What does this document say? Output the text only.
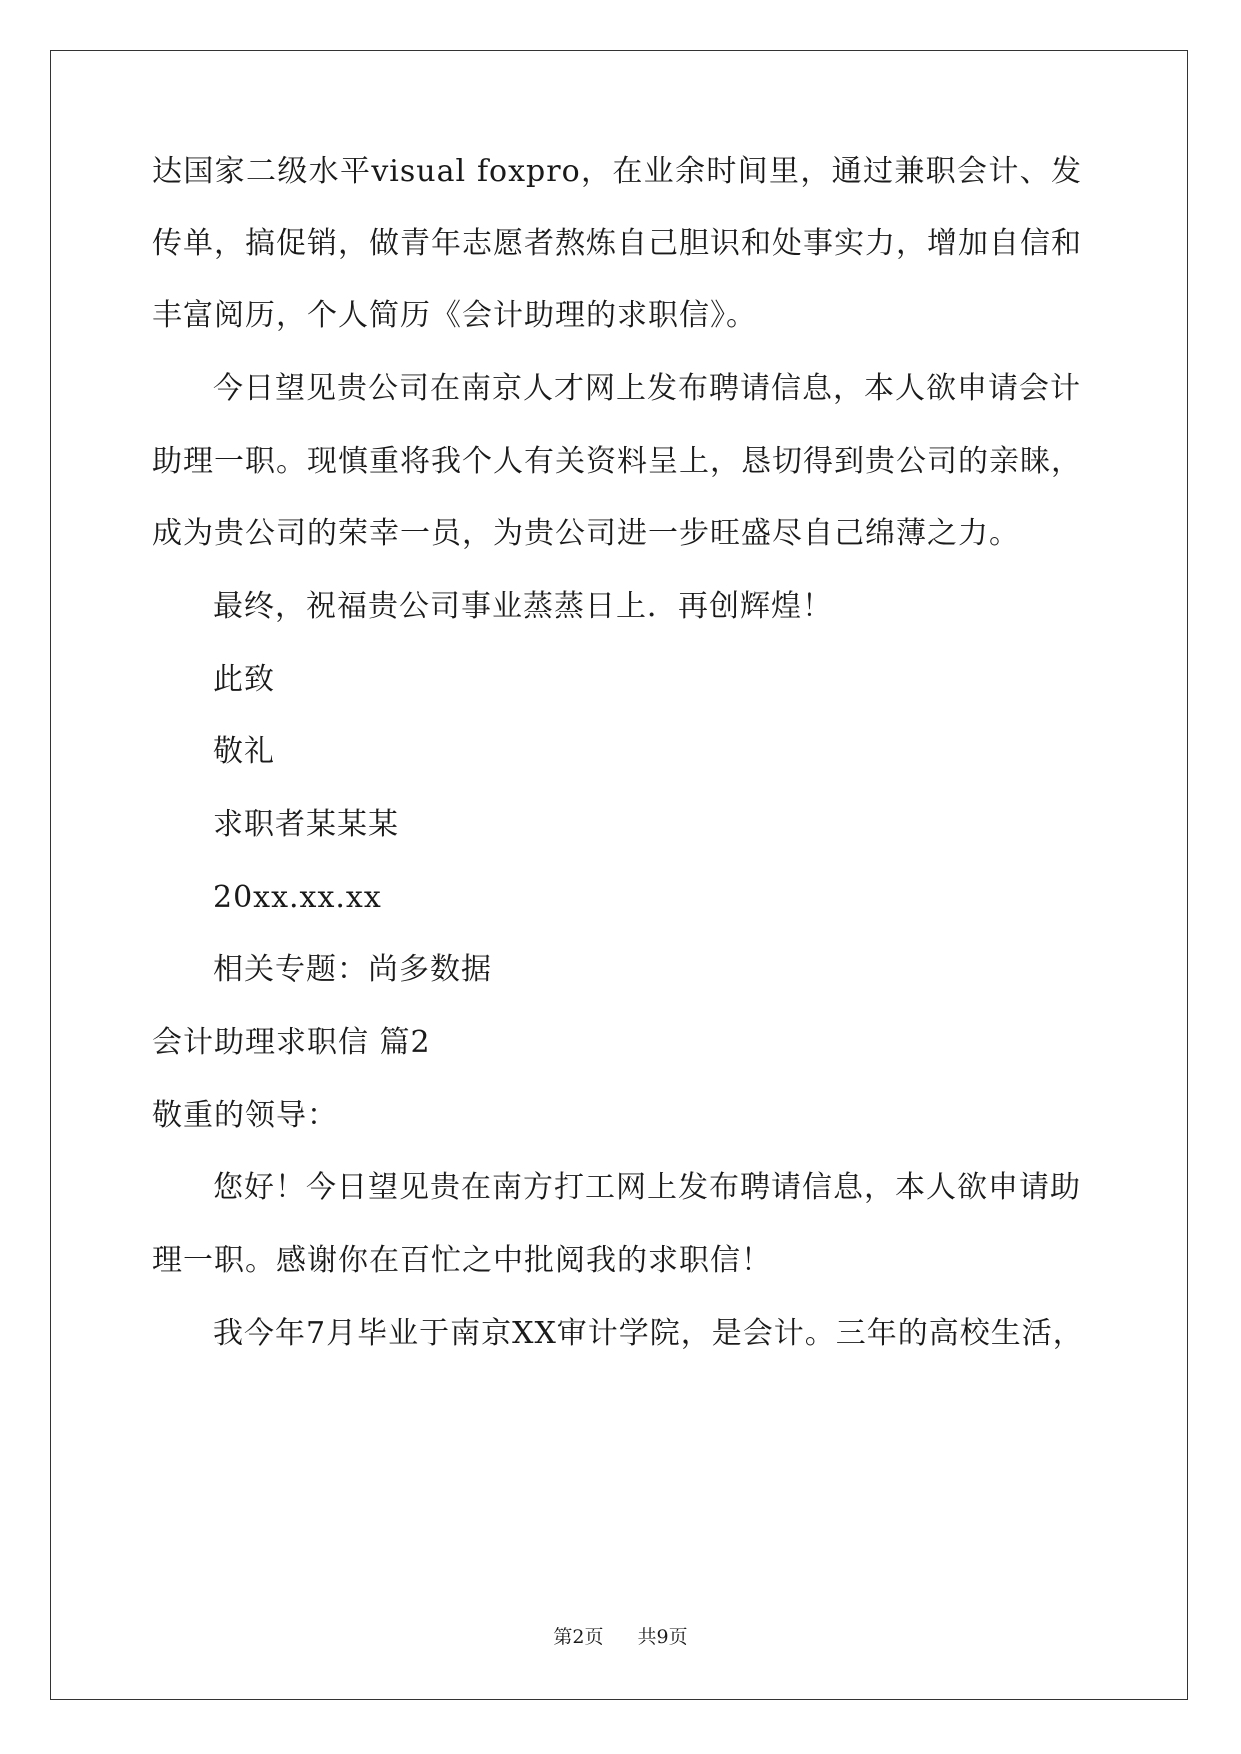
达国家二级水平visual foxpro，在业余时间里，通过兼职会计、发
传单，搞促销，做青年志愿者熬炼自己胆识和处事实力，增加自信和
丰富阅历，个人简历《会计助理的求职信》。
今日望见贵公司在南京人才网上发布聘请信息，本人欲申请会计
助理一职。现慎重将我个人有关资料呈上，恳切得到贵公司的亲睐，
成为贵公司的荣幸一员，为贵公司进一步旺盛尽自己绵薄之力。
最终，祝福贵公司事业蒸蒸日上．再创辉煌！
此致
敬礼
求职者某某某
20xx.xx.xx
相关专题：尚多数据
会计助理求职信 篇2
敬重的领导：
您好！今日望见贵在南方打工网上发布聘请信息，本人欲申请助
理一职。感谢你在百忙之中批阅我的求职信！
我今年7月毕业于南京XX审计学院，是会计。三年的高校生活，
第2页 共9页
